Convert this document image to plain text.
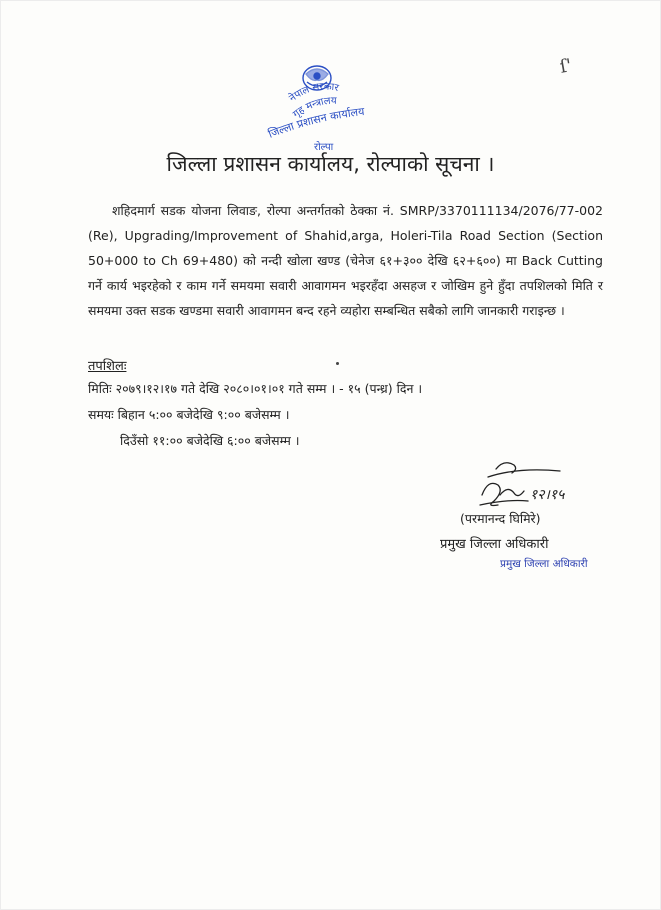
ſ'
नेपाल सरकार
गृह मन्त्रालय
जिल्ला प्रशासन कार्यालय
रोल्पा
जिल्ला प्रशासन कार्यालय, रोल्पाको सूचना ।
शहिदमार्ग सडक योजना लिवाङ, रोल्पा अन्तर्गतको ठेक्का नं. SMRP/3370111134/2076/77-002 (Re), Upgrading/Improvement of Shahid,arga, Holeri-Tila Road Section (Section 50+000 to Ch 69+480) को नन्दी खोला खण्ड (चेनेज ६१+३०० देखि ६२+६००) मा Back Cutting गर्ने कार्य भइरहेको र काम गर्ने समयमा सवारी आवागमन भइरहँदा असहज र जोखिम हुने हुँदा तपशिलको मिति र समयमा उक्त सडक खण्डमा सवारी आवागमन बन्द रहने व्यहोरा सम्बन्धित सबैको लागि जानकारी गराइन्छ ।
तपशिलः
मितिः २०७९।१२।१७ गते देखि २०८०।०१।०१ गते सम्म । - १५ (पन्ध्र) दिन ।
समयः बिहान ५:०० बजेदेखि ९:०० बजेसम्म ।
दिउँसो ११:०० बजेदेखि ६:०० बजेसम्म ।
१२।१५
(परमानन्द घिमिरे)
प्रमुख जिल्ला अधिकारी
प्रमुख जिल्ला अधिकारी
